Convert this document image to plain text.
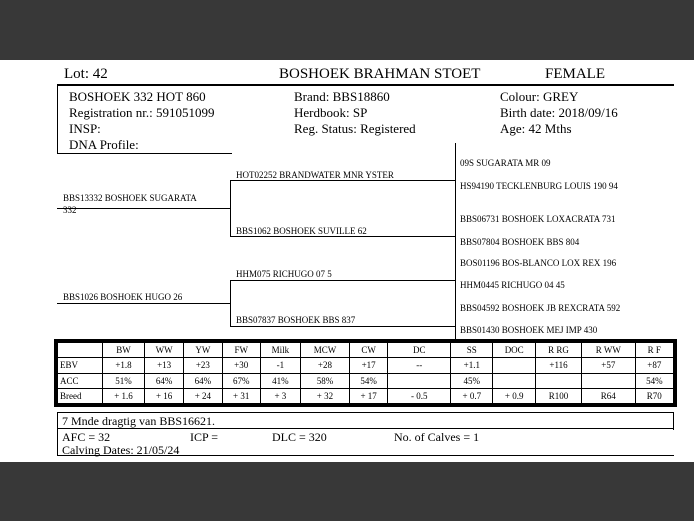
Lot: 42	BOSHOEK BRAHMAN STOET	FEMALE
BOSHOEK 332 HOT 860
Registration nr.: 591051099
INSP:
DNA Profile:
Brand: BBS18860
Herdbook: SP
Reg. Status: Registered
Colour: GREY
Birth date: 2018/09/16
Age: 42 Mths
BBS13332 BOSHOEK SUGARATA
332
BBS1026 BOSHOEK HUGO 26
HOT02252 BRANDWATER MNR YSTER
BBS1062 BOSHOEK SUVILLE 62
HHM075 RICHUGO 07 5
BBS07837 BOSHOEK BBS 837
09S SUGARATA MR 09
HS94190 TECKLENBURG LOUIS 190 94
BBS06731 BOSHOEK LOXACRATA 731
BBS07804 BOSHOEK BBS 804
BOS01196 BOS-BLANCO LOX REX 196
HHM0445 RICHUGO 04 45
BBS04592 BOSHOEK JB REXCRATA 592
BBS01430 BOSHOEK MEJ IMP 430
	BW	WW	YW	FW	Milk	MCW	CW	DC	SS	DOC	R RG	R WW	R F
EBV	+1.8	+13	+23	+30	-1	+28	+17	--	+1.1		+116	+57	+87
ACC	51%	64%	64%	67%	41%	58%	54%		45%				54%
Breed	+ 1.6	+ 16	+ 24	+ 31	+ 3	+ 32	+ 17	- 0.5	+ 0.7	+ 0.9	R100	R64	R70
7 Mnde dragtig van BBS16621.
AFC = 32	ICP =	DLC = 320	No. of Calves = 1
Calving Dates: 21/05/24
